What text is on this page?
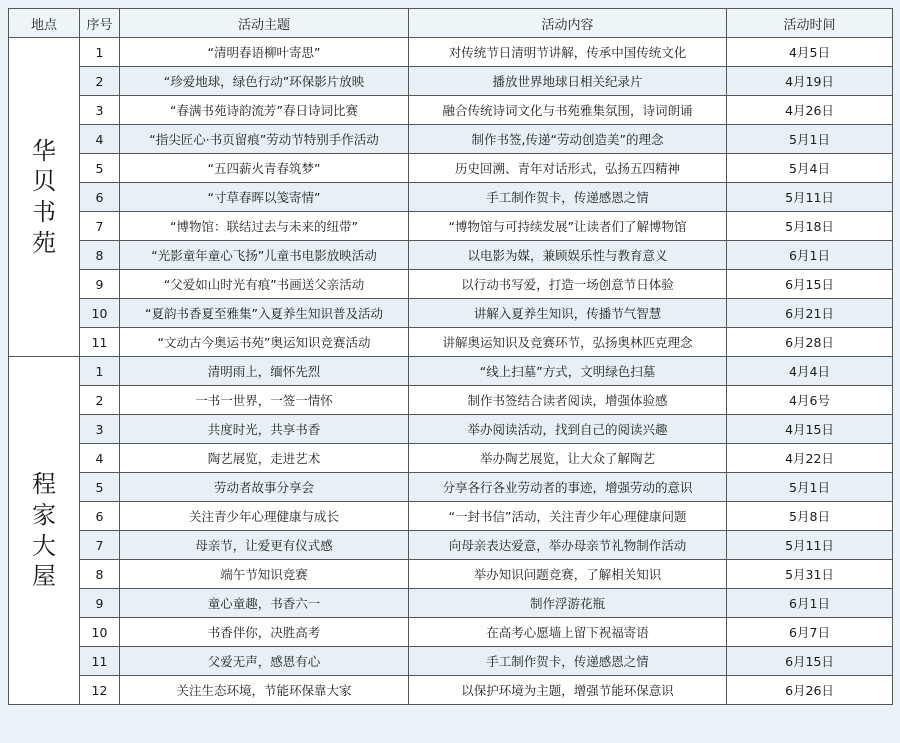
地点	序号	活动主题	活动内容	活动时间

华
贝
书
苑	1	“清明春语柳叶寄思”	对传统节日清明节讲解，传承中国传统文化	4月5日
	2	“珍爱地球，绿色行动”环保影片放映	播放世界地球日相关纪录片	4月19日
	3	“春满书苑诗韵流芳”春日诗词比赛	融合传统诗词文化与书苑雅集氛围，诗词朗诵	4月26日
	4	“指尖匠心·书页留痕”劳动节特别手作活动	制作书签,传递“劳动创造美”的理念	5月1日
	5	“五四薪火青春筑梦”	历史回溯、青年对话形式，弘扬五四精神	5月4日
	6	“寸草春晖以笺寄情”	手工制作贺卡，传递感恩之情	5月11日
	7	“博物馆：联结过去与未来的纽带”	“博物馆与可持续发展”让读者们了解博物馆	5月18日
	8	“光影童年童心飞扬”儿童书电影放映活动	以电影为媒，兼顾娱乐性与教育意义	6月1日
	9	“父爱如山时光有痕”书画送父亲活动	以行动书写爱，打造一场创意节日体验	6月15日
	10	“夏韵书香夏至雅集”入夏养生知识普及活动	讲解入夏养生知识，传播节气智慧	6月21日
	11	“文动古今奥运书苑”奥运知识竞赛活动	讲解奥运知识及竞赛环节，弘扬奥林匹克理念	6月28日

程
家
大
屋	1	清明雨上，缅怀先烈	“线上扫墓”方式，文明绿色扫墓	4月4日
	2	一书一世界，一签一情怀	制作书签结合读者阅读，增强体验感	4月6号
	3	共度时光，共享书香	举办阅读活动，找到自己的阅读兴趣	4月15日
	4	陶艺展览，走进艺术	举办陶艺展览，让大众了解陶艺	4月22日
	5	劳动者故事分享会	分享各行各业劳动者的事迹，增强劳动的意识	5月1日
	6	关注青少年心理健康与成长	“一封书信”活动，关注青少年心理健康问题	5月8日
	7	母亲节，让爱更有仪式感	向母亲表达爱意，举办母亲节礼物制作活动	5月11日
	8	端午节知识竞赛	举办知识问题竞赛，了解相关知识	5月31日
	9	童心童趣，书香六一	制作浮游花瓶	6月1日
	10	书香伴你，决胜高考	在高考心愿墙上留下祝福寄语	6月7日
	11	父爱无声，感恩有心	手工制作贺卡，传递感恩之情	6月15日
	12	关注生态环境，节能环保靠大家	以保护环境为主题，增强节能环保意识	6月26日
